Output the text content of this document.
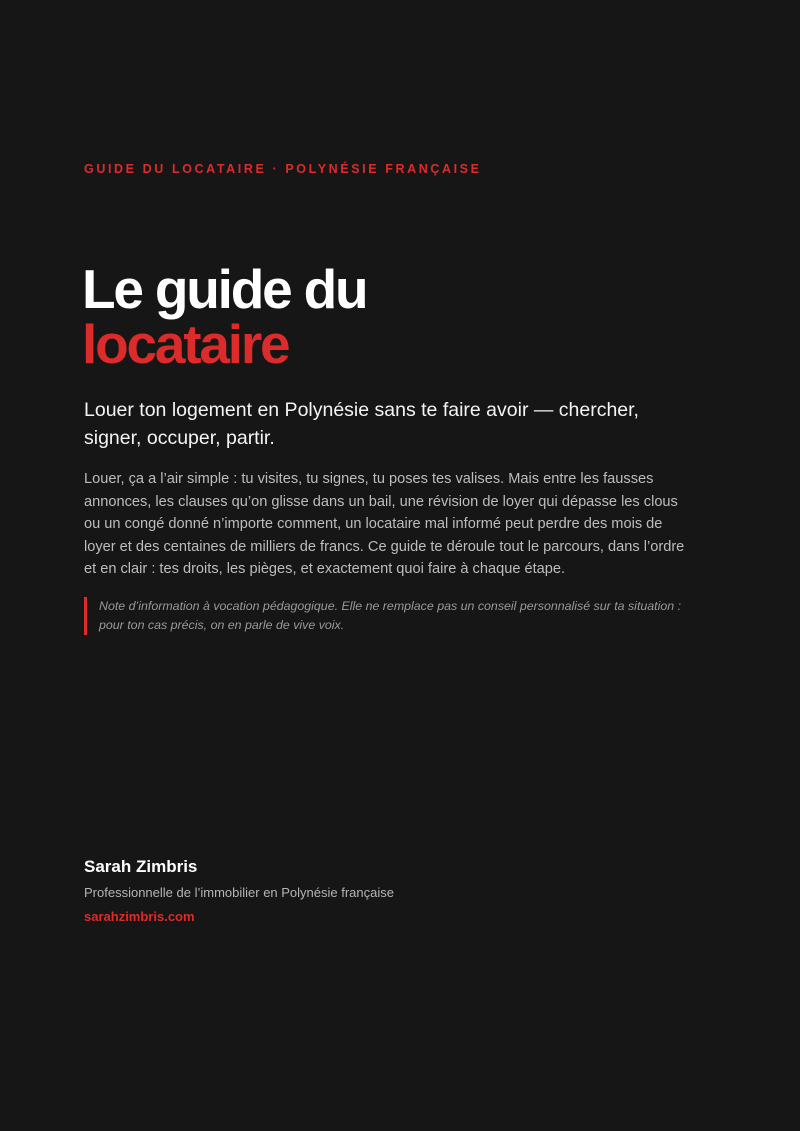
GUIDE DU LOCATAIRE · POLYNÉSIE FRANÇAISE
Le guide du
locataire

Louer ton logement en Polynésie sans te faire avoir — chercher, signer, occuper, partir.

Louer, ça a l’air simple : tu visites, tu signes, tu poses tes valises. Mais entre les fausses annonces, les clauses qu’on glisse dans un bail, une révision de loyer qui dépasse les clous ou un congé donné n’importe comment, un locataire mal informé peut perdre des mois de loyer et des centaines de milliers de francs. Ce guide te déroule tout le parcours, dans l’ordre et en clair : tes droits, les pièges, et exactement quoi faire à chaque étape.

Note d’information à vocation pédagogique. Elle ne remplace pas un conseil personnalisé sur ta situation : pour ton cas précis, on en parle de vive voix.
Sarah Zimbris
Professionnelle de l’immobilier en Polynésie française
sarahzimbris.com
